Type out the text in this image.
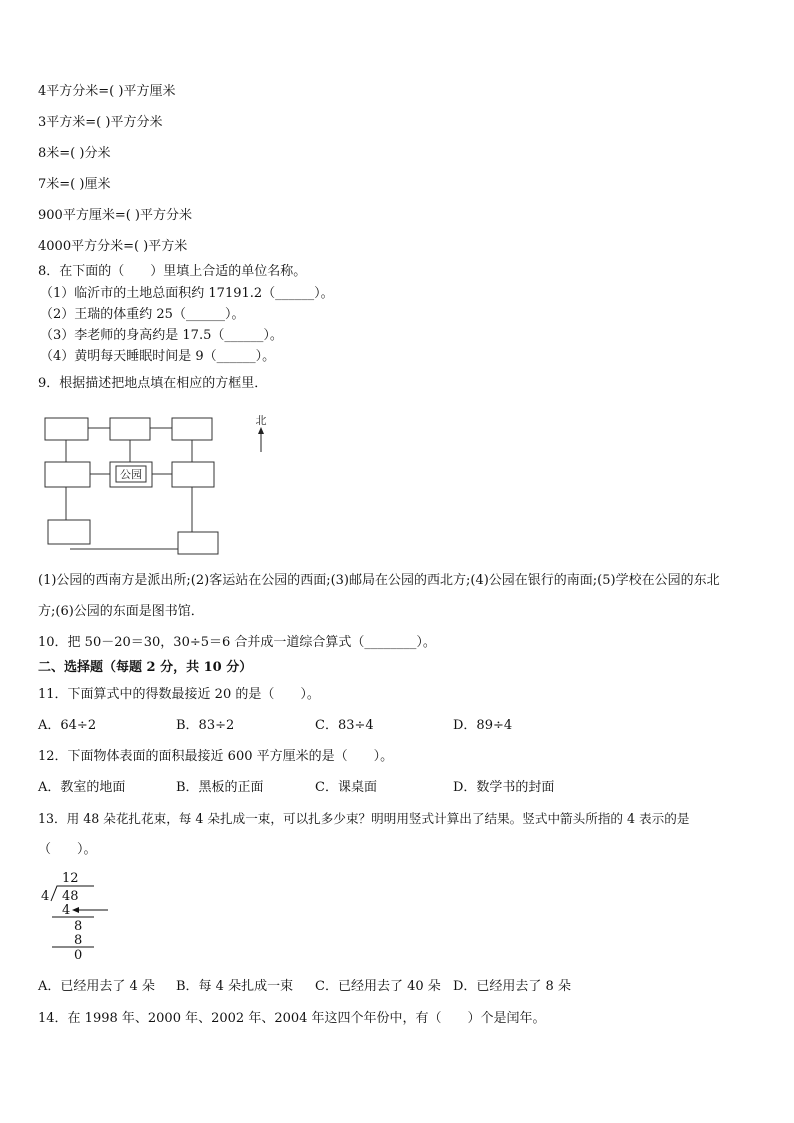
4平方分米=( )平方厘米
3平方米=( )平方分米
8米=( )分米
7米=( )厘米
900平方厘米=( )平方分米
4000平方分米=( )平方米
8．在下面的（　　）里填上合适的单位名称。
（1）临沂市的土地总面积约 17191.2（______）。
（2）王瑞的体重约 25（______）。
（3）李老师的身高约是 17.5（______）。
（4）黄明每天睡眠时间是 9（______）。
9．根据描述把地点填在相应的方框里．
公园
北
(1)公园的西南方是派出所;(2)客运站在公园的西面;(3)邮局在公园的西北方;(4)公园在银行的南面;(5)学校在公园的东北
方;(6)公园的东面是图书馆．
10．把 50－20＝30，30÷5＝6 合并成一道综合算式（________）。
二、选择题（每题 2 分，共 10 分）
11．下面算式中的得数最接近 20 的是（　　）。
A．64÷2	B．83÷2	C．83÷4	D．89÷4
12．下面物体表面的面积最接近 600 平方厘米的是（　　）。
A．教室的地面	B．黑板的正面	C．课桌面	D．数学书的封面
13．用 48 朵花扎花束，每 4 朵扎成一束，可以扎多少束？明明用竖式计算出了结果。竖式中箭头所指的 4 表示的是
（　　）。
12
4 48
4
8
8
0
A．已经用去了 4 朵 B．每 4 朵扎成一束 C．已经用去了 40 朵 D．已经用去了 8 朵
14．在 1998 年、2000 年、2002 年、2004 年这四个年份中，有（　　）个是闰年。
